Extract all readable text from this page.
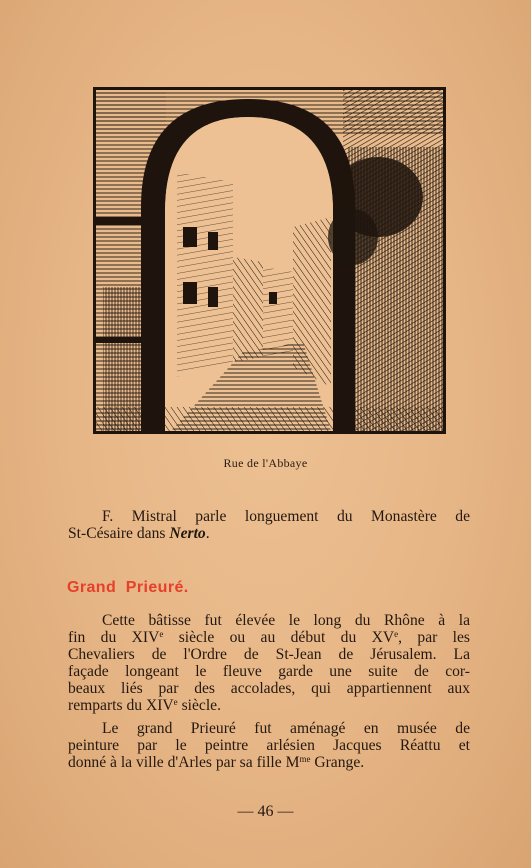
Rue de l'Abbaye
F. Mistral parle longuement du Monastère de
St-Césaire dans Nerto.
Grand  Prieuré.
Cette bâtisse fut élevée le long du Rhône à la
fin du XIVe siècle ou au début du XVe, par les
Chevaliers de l'Ordre de St-Jean de Jérusalem. La
façade longeant le fleuve garde une suite de cor-
beaux liés par des accolades, qui appartiennent aux
remparts du XIVe siècle.
Le grand Prieuré fut aménagé en musée de
peinture par le peintre arlésien Jacques Réattu et
donné à la ville d'Arles par sa fille $M^{me}$ Grange.
— 46 —
